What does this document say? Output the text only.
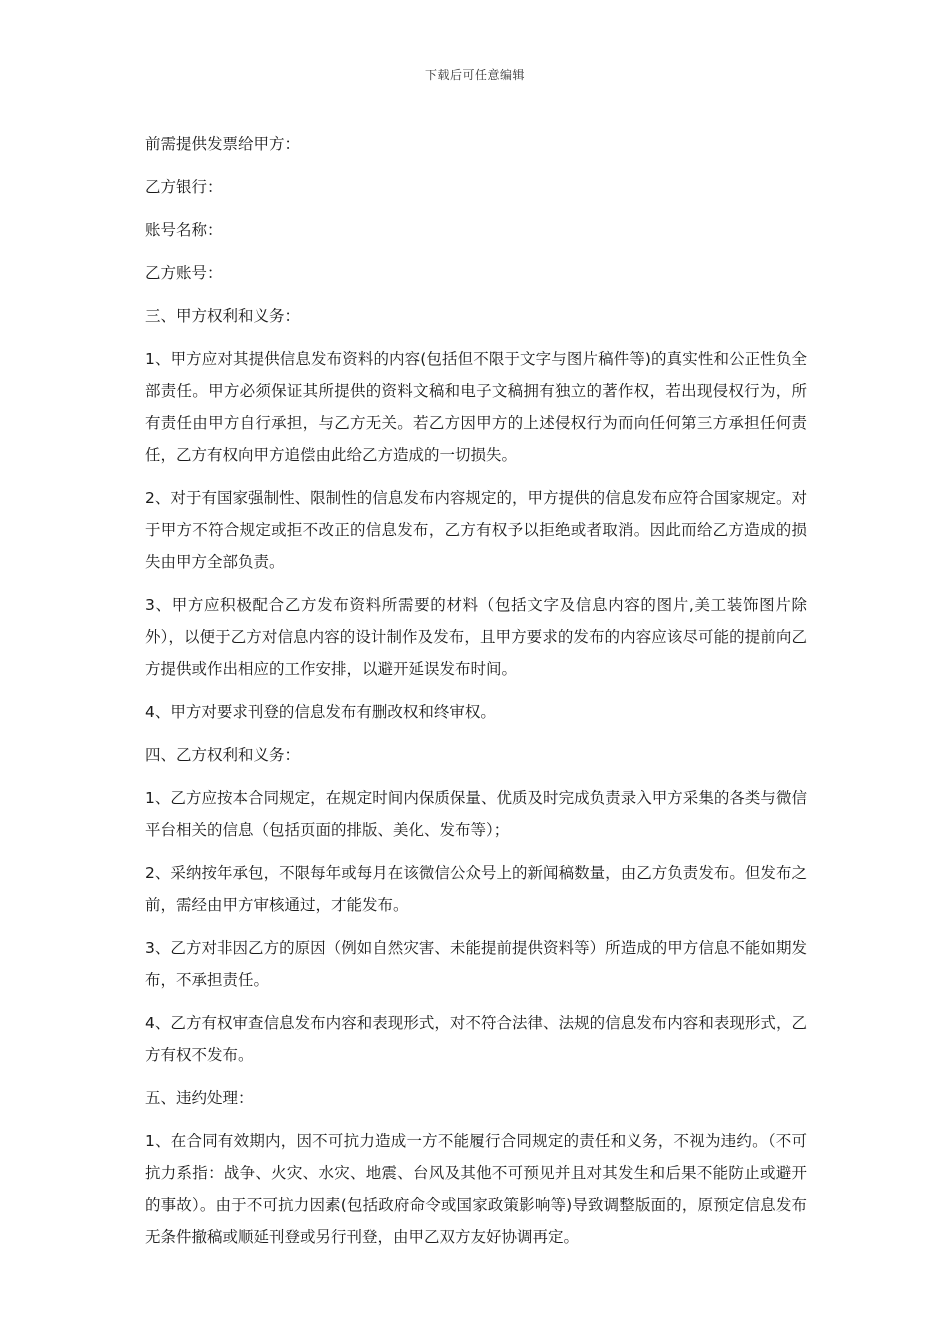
下载后可任意编辑

前需提供发票给甲方：

乙方银行：

账号名称：

乙方账号：

三、甲方权利和义务：

1、甲方应对其提供信息发布资料的内容(包括但不限于文字与图片稿件等)的真实性和公正性负全部责任。甲方必须保证其所提供的资料文稿和电子文稿拥有独立的著作权，若出现侵权行为，所有责任由甲方自行承担，与乙方无关。若乙方因甲方的上述侵权行为而向任何第三方承担任何责任，乙方有权向甲方追偿由此给乙方造成的一切损失。

2、对于有国家强制性、限制性的信息发布内容规定的，甲方提供的信息发布应符合国家规定。对于甲方不符合规定或拒不改正的信息发布，乙方有权予以拒绝或者取消。因此而给乙方造成的损失由甲方全部负责。

3、甲方应积极配合乙方发布资料所需要的材料（包括文字及信息内容的图片,美工装饰图片除外），以便于乙方对信息内容的设计制作及发布，且甲方要求的发布的内容应该尽可能的提前向乙方提供或作出相应的工作安排，以避开延误发布时间。

4、甲方对要求刊登的信息发布有删改权和终审权。

四、乙方权利和义务：

1、乙方应按本合同规定，在规定时间内保质保量、优质及时完成负责录入甲方采集的各类与微信平台相关的信息（包括页面的排版、美化、发布等）；

2、采纳按年承包，不限每年或每月在该微信公众号上的新闻稿数量，由乙方负责发布。但发布之前，需经由甲方审核通过，才能发布。

3、乙方对非因乙方的原因（例如自然灾害、未能提前提供资料等）所造成的甲方信息不能如期发布，不承担责任。

4、乙方有权审查信息发布内容和表现形式，对不符合法律、法规的信息发布内容和表现形式，乙方有权不发布。

五、违约处理：

1、在合同有效期内，因不可抗力造成一方不能履行合同规定的责任和义务，不视为违约。（不可抗力系指：战争、火灾、水灾、地震、台风及其他不可预见并且对其发生和后果不能防止或避开的事故）。由于不可抗力因素(包括政府命令或国家政策影响等)导致调整版面的，原预定信息发布无条件撤稿或顺延刊登或另行刊登，由甲乙双方友好协调再定。
